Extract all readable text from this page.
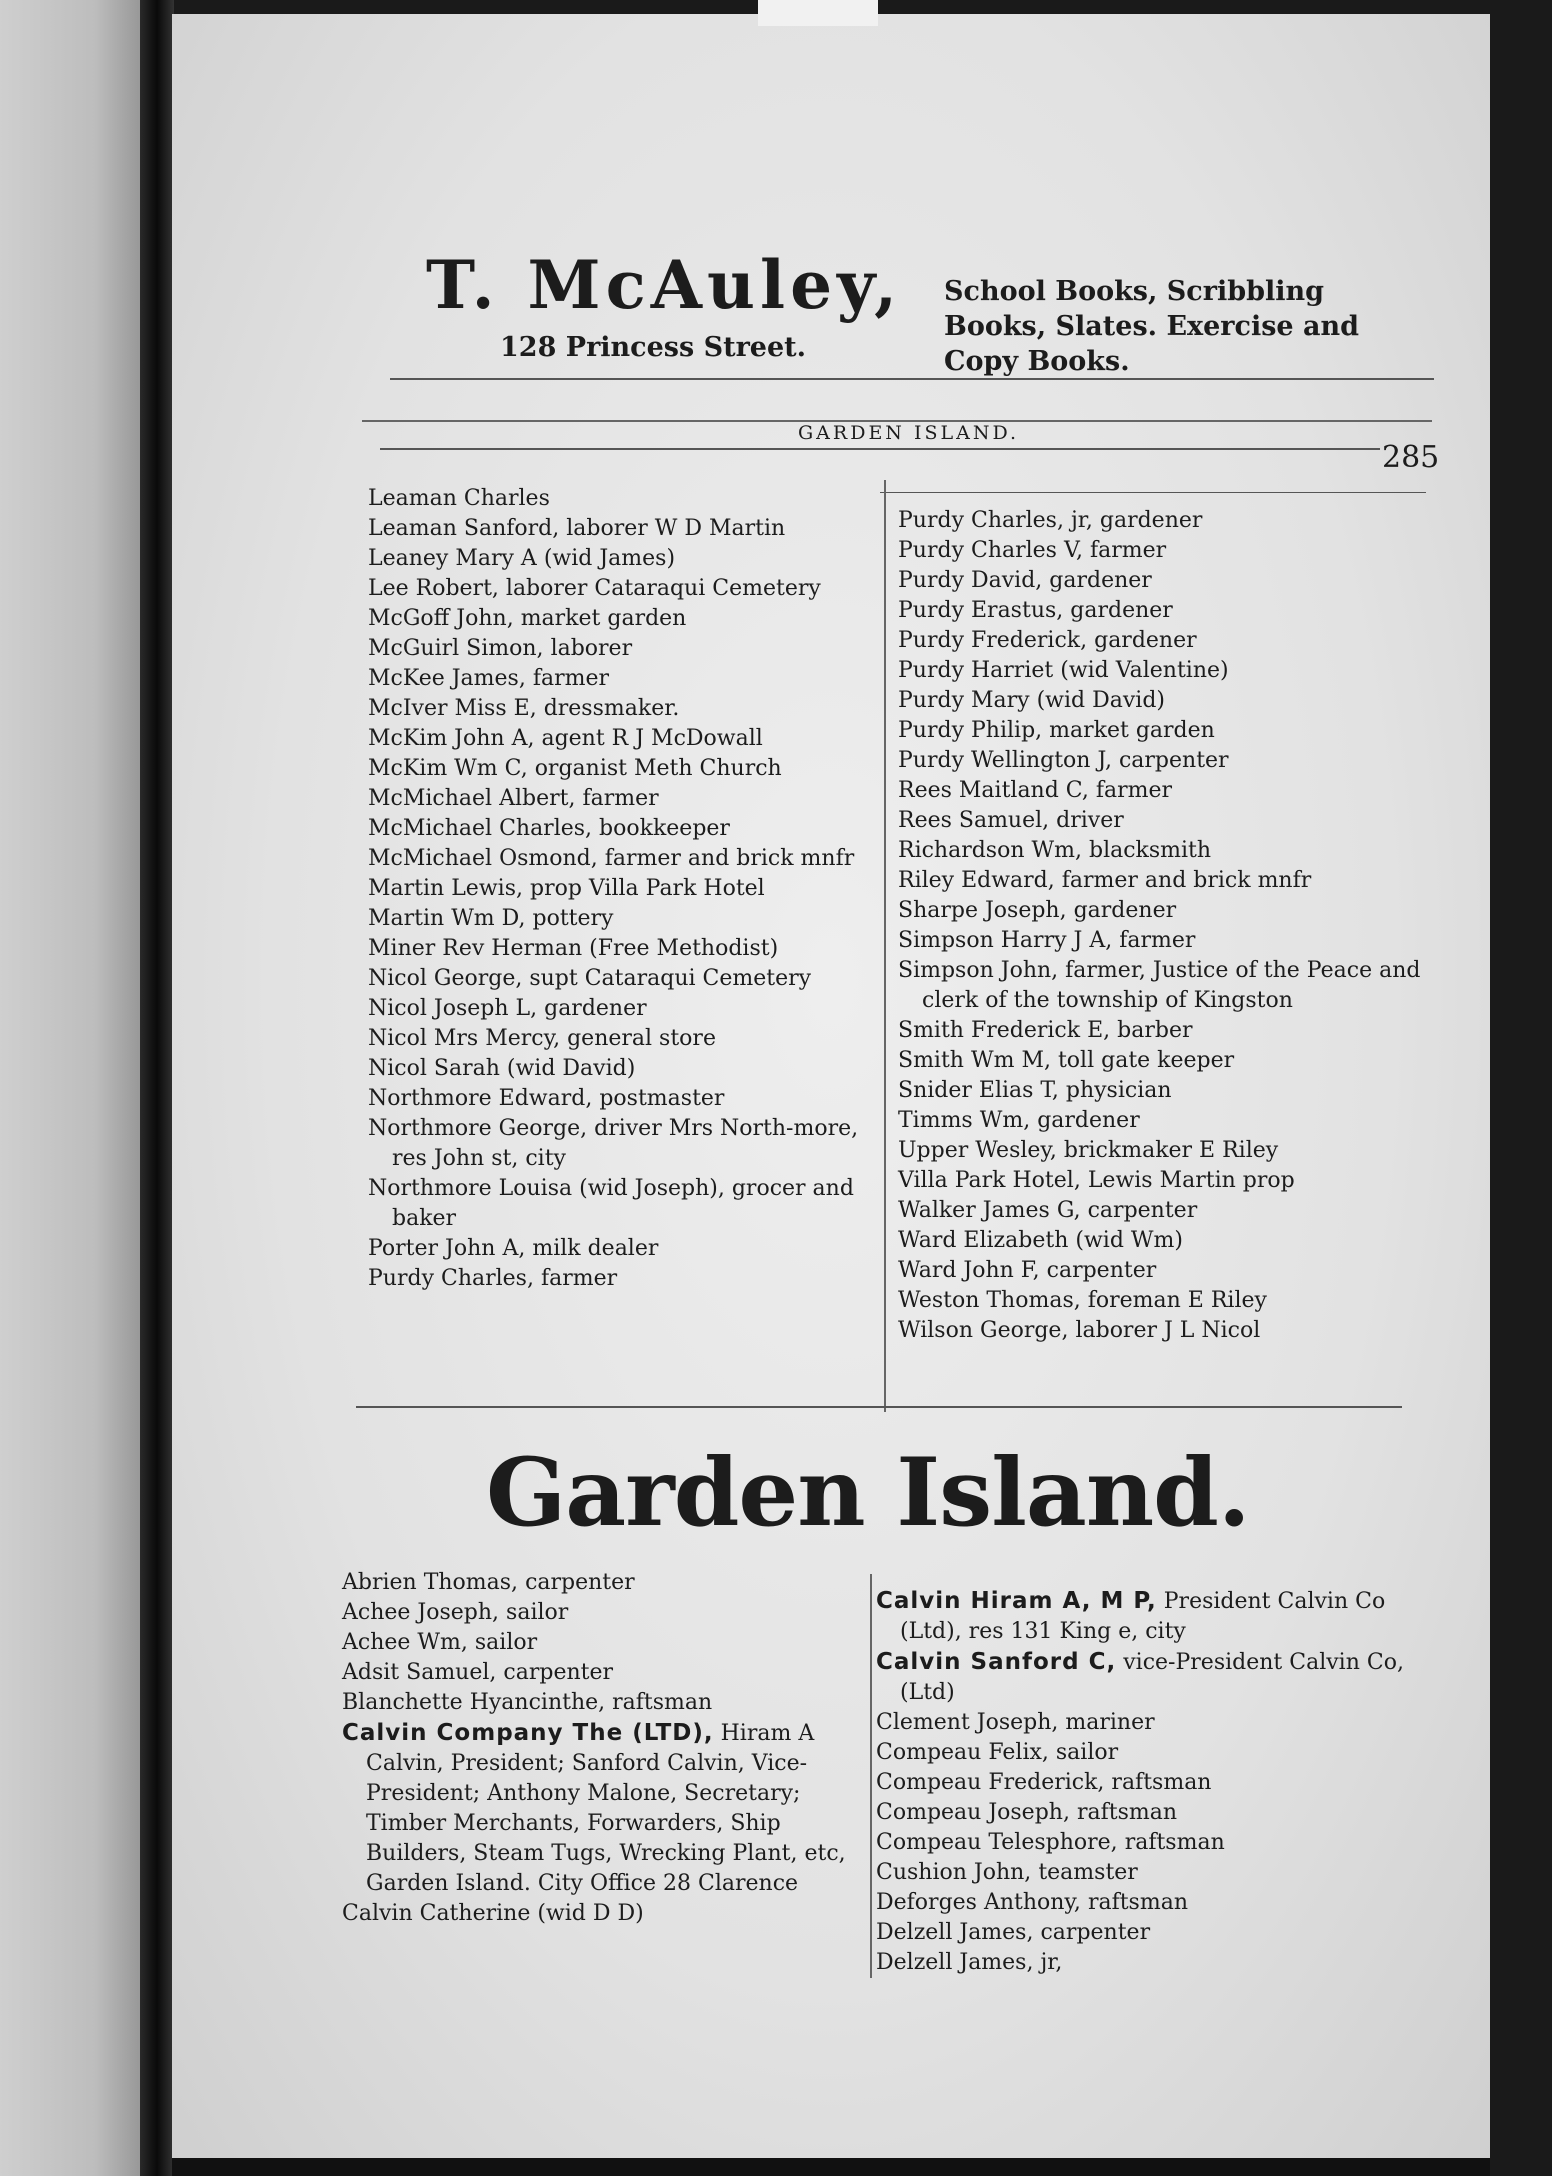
T. McAuley,
128 Princess Street.
School Books, Scribbling
Books, Slates. Exercise and
Copy Books.
GARDEN ISLAND.
285
Leaman Charles
Leaman Sanford, laborer W D Martin
Leaney Mary A (wid James)
Lee Robert, laborer Cataraqui Cemetery
McGoff John, market garden
McGuirl Simon, laborer
McKee James, farmer
McIver Miss E, dressmaker.
McKim John A, agent R J McDowall
McKim Wm C, organist Meth Church
McMichael Albert, farmer
McMichael Charles, bookkeeper
McMichael Osmond, farmer and brick mnfr
Martin Lewis, prop Villa Park Hotel
Martin Wm D, pottery
Miner Rev Herman (Free Methodist)
Nicol George, supt Cataraqui Cemetery
Nicol Joseph L, gardener
Nicol Mrs Mercy, general store
Nicol Sarah (wid David)
Northmore Edward, postmaster
Northmore George, driver Mrs North-more, res John st, city
Northmore Louisa (wid Joseph), grocer and baker
Porter John A, milk dealer
Purdy Charles, farmer
Purdy Charles, jr, gardener
Purdy Charles V, farmer
Purdy David, gardener
Purdy Erastus, gardener
Purdy Frederick, gardener
Purdy Harriet (wid Valentine)
Purdy Mary (wid David)
Purdy Philip, market garden
Purdy Wellington J, carpenter
Rees Maitland C, farmer
Rees Samuel, driver
Richardson Wm, blacksmith
Riley Edward, farmer and brick mnfr
Sharpe Joseph, gardener
Simpson Harry J A, farmer
Simpson John, farmer, Justice of the Peace and clerk of the township of Kingston
Smith Frederick E, barber
Smith Wm M, toll gate keeper
Snider Elias T, physician
Timms Wm, gardener
Upper Wesley, brickmaker E Riley
Villa Park Hotel, Lewis Martin prop
Walker James G, carpenter
Ward Elizabeth (wid Wm)
Ward John F, carpenter
Weston Thomas, foreman E Riley
Wilson George, laborer J L Nicol
Garden Island.
Abrien Thomas, carpenter
Achee Joseph, sailor
Achee Wm, sailor
Adsit Samuel, carpenter
Blanchette Hyancinthe, raftsman
Calvin Company The (LTD), Hiram A Calvin, President; Sanford Calvin, Vice-President; Anthony Malone, Secretary; Timber Merchants, Forwarders, Ship Builders, Steam Tugs, Wrecking Plant, etc, Garden Island. City Office 28 Clarence
Calvin Catherine (wid D D)
Calvin Hiram A, M P, President Calvin Co (Ltd), res 131 King e, city
Calvin Sanford C, vice-President Calvin Co, (Ltd)
Clement Joseph, mariner
Compeau Felix, sailor
Compeau Frederick, raftsman
Compeau Joseph, raftsman
Compeau Telesphore, raftsman
Cushion John, teamster
Deforges Anthony, raftsman
Delzell James, carpenter
Delzell James, jr,
